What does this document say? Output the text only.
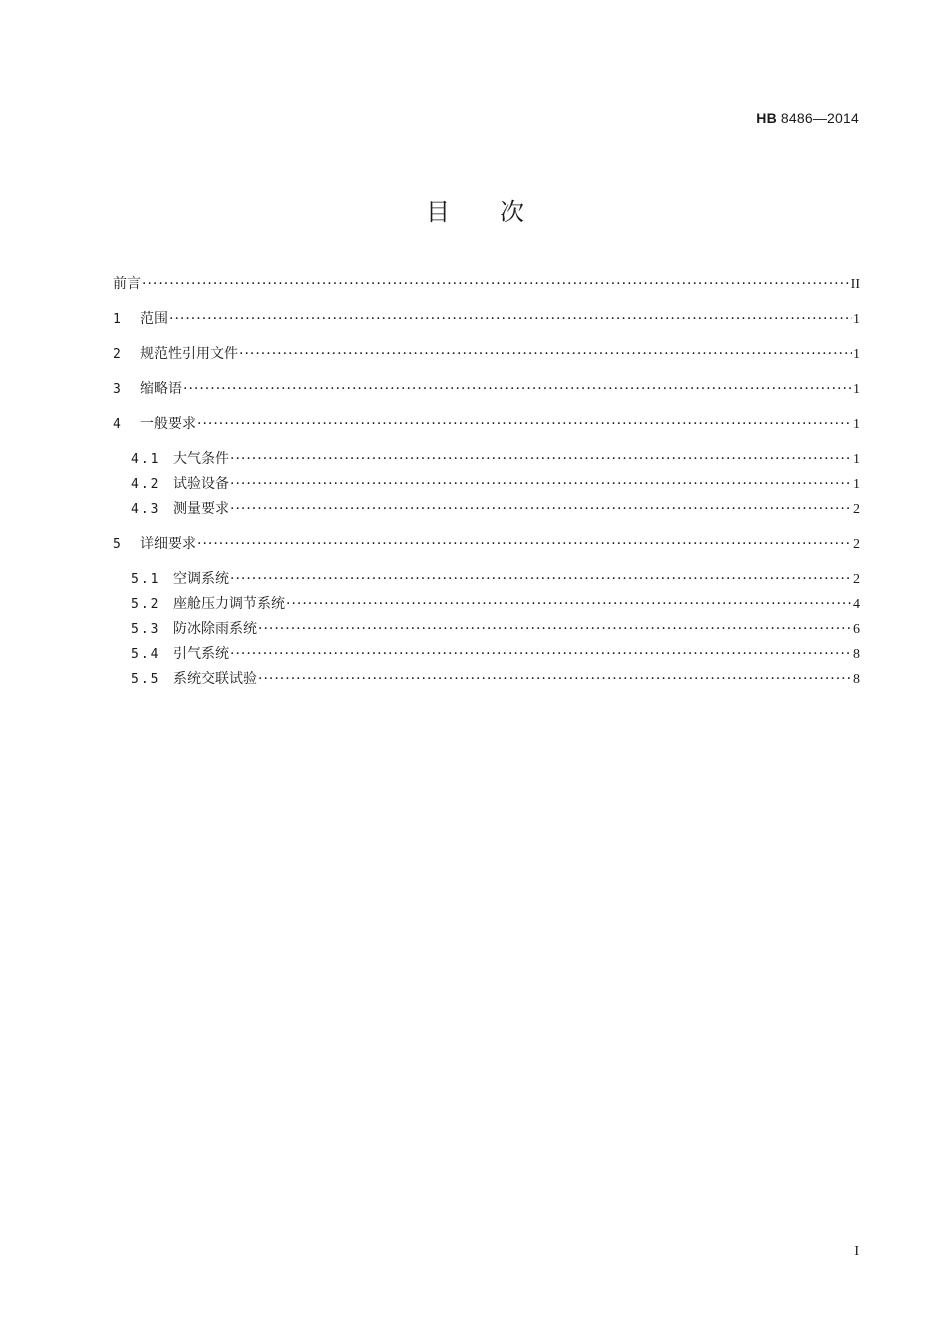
HB 8486—2014
目次
前言 ·····	II
1	范围 ·····	1
2	规范性引用文件 ·····	1
3	缩略语 ·····	1
4	一般要求 ·····	1
4.1 大气条件 ·····	1
4.2 试验设备 ·····	1
4.3 测量要求 ·····	2
5	详细要求 ·····	2
5.1 空调系统 ·····	2
5.2 座舱压力调节系统 ·····	4
5.3 防冰除雨系统 ·····	6
5.4 引气系统 ·····	8
5.5 系统交联试验 ·····	8
I
